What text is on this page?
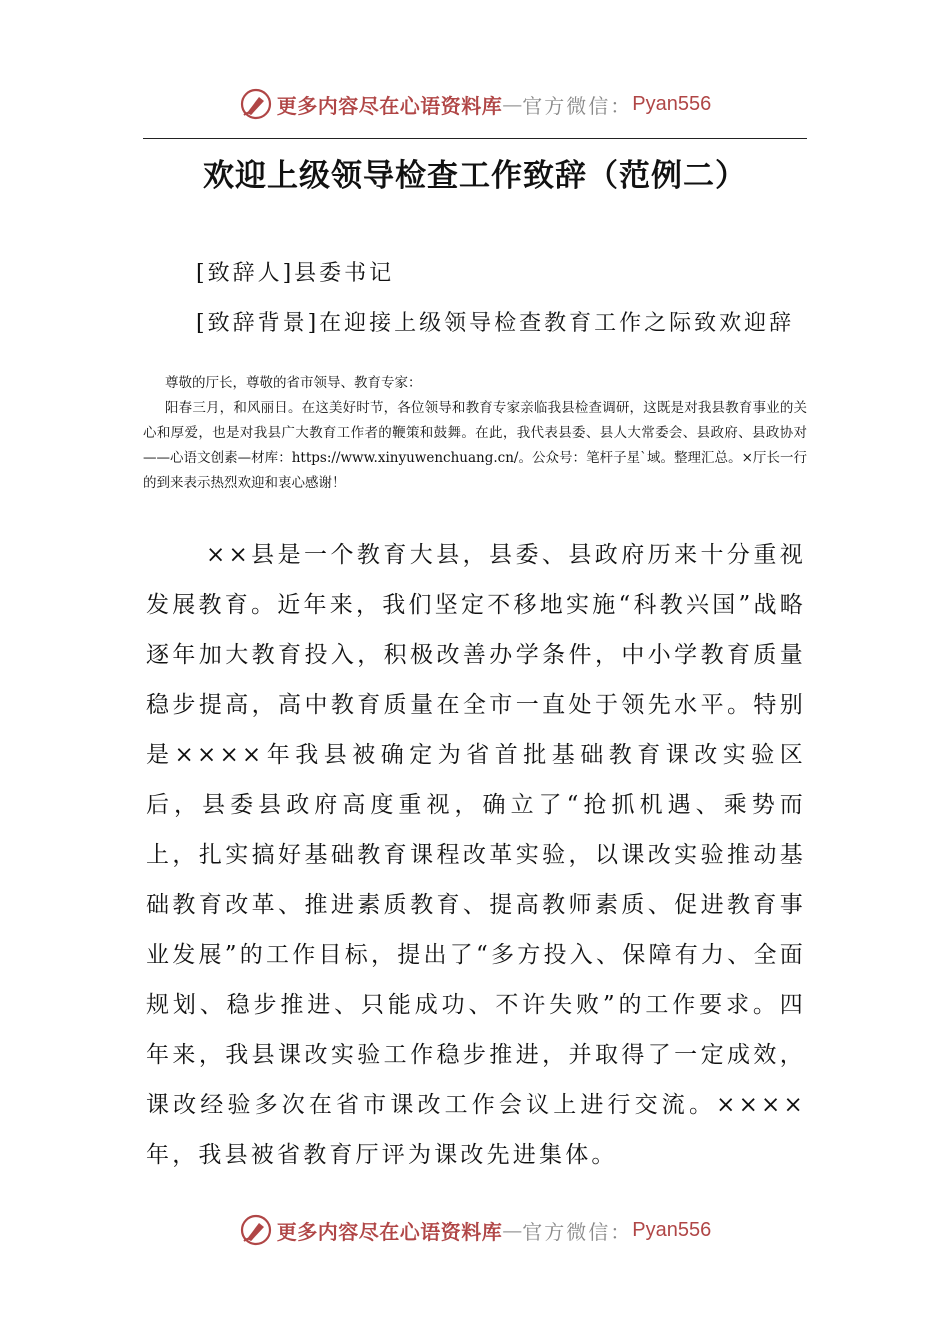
更多内容尽在心语资料库 — 官方微信： Pyan556
欢迎上级领导检查工作致辞（范例二）
[致辞人]县委书记
[致辞背景]在迎接上级领导检查教育工作之际致欢迎辞

尊敬的厅长，尊敬的省市领导、教育专家：

阳春三月，和风丽日。在这美好时节，各位领导和教育专家亲临我县检查调研，这既是对我县教育事业的关心和厚爱，也是对我县广大教育工作者的鞭策和鼓舞。在此，我代表县委、县人大常委会、县政府、县政协对——心语文创素—材库：https://www.xinyuwenchuang.cn/。公众号：笔杆子星`域。整理汇总。×厅长一行的到来表示热烈欢迎和衷心感谢！

××县是一个教育大县，县委、县政府历来十分重视发展教育。近年来，我们坚定不移地实施“科教兴国”战略逐年加大教育投入，积极改善办学条件，中小学教育质量稳步提高，高中教育质量在全市一直处于领先水平。特别是××××年我县被确定为省首批基础教育课改实验区后，县委县政府高度重视，确立了“抢抓机遇、乘势而上，扎实搞好基础教育课程改革实验，以课改实验推动基础教育改革、推进素质教育、提高教师素质、促进教育事业发展”的工作目标，提出了“多方投入、保障有力、全面规划、稳步推进、只能成功、不许失败”的工作要求。四年来，我县课改实验工作稳步推进，并取得了一定成效，课改经验多次在省市课改工作会议上进行交流。××××年，我县被省教育厅评为课改先进集体。

更多内容尽在心语资料库 — 官方微信： Pyan556
